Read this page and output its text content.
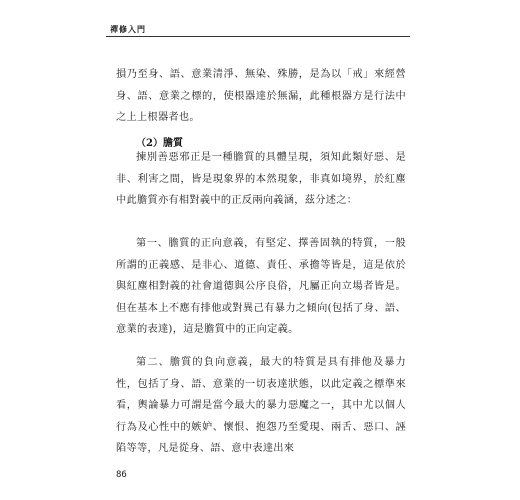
禪修入門

損乃至身、語、意業清淨、無染、殊勝，是為以「戒」來經營身、語、意業之標的，使根器達於無漏，此種根器方是行法中之上上根器者也。

（2）膽質

揀別善惡邪正是一種膽質的具體呈現，須知此類好惡、是非、利害之間，皆是現象界的本然現象，非真如境界，於紅塵中此膽質亦有相對義中的正反兩向義涵，茲分述之：

第一、膽質的正向意義，有堅定、擇善固執的特質，一般所謂的正義感、是非心、道德、責任、承擔等皆是，這是依於與紅塵相對義的社會道德與公序良俗，凡屬正向立場者皆是。但在基本上不應有排他或對異己有暴力之傾向(包括了身、語、意業的表達)，這是膽質中的正向定義。

第二、膽質的負向意義，最大的特質是具有排他及暴力性，包括了身、語、意業的一切表達狀態，以此定義之標準來看，輿論暴力可謂是當今最大的暴力惡魔之一，其中尤以個人行為及心性中的嫉妒、懷恨、抱怨乃至愛現、兩舌、惡口、誣陷等等，凡是從身、語、意中表達出來

86
